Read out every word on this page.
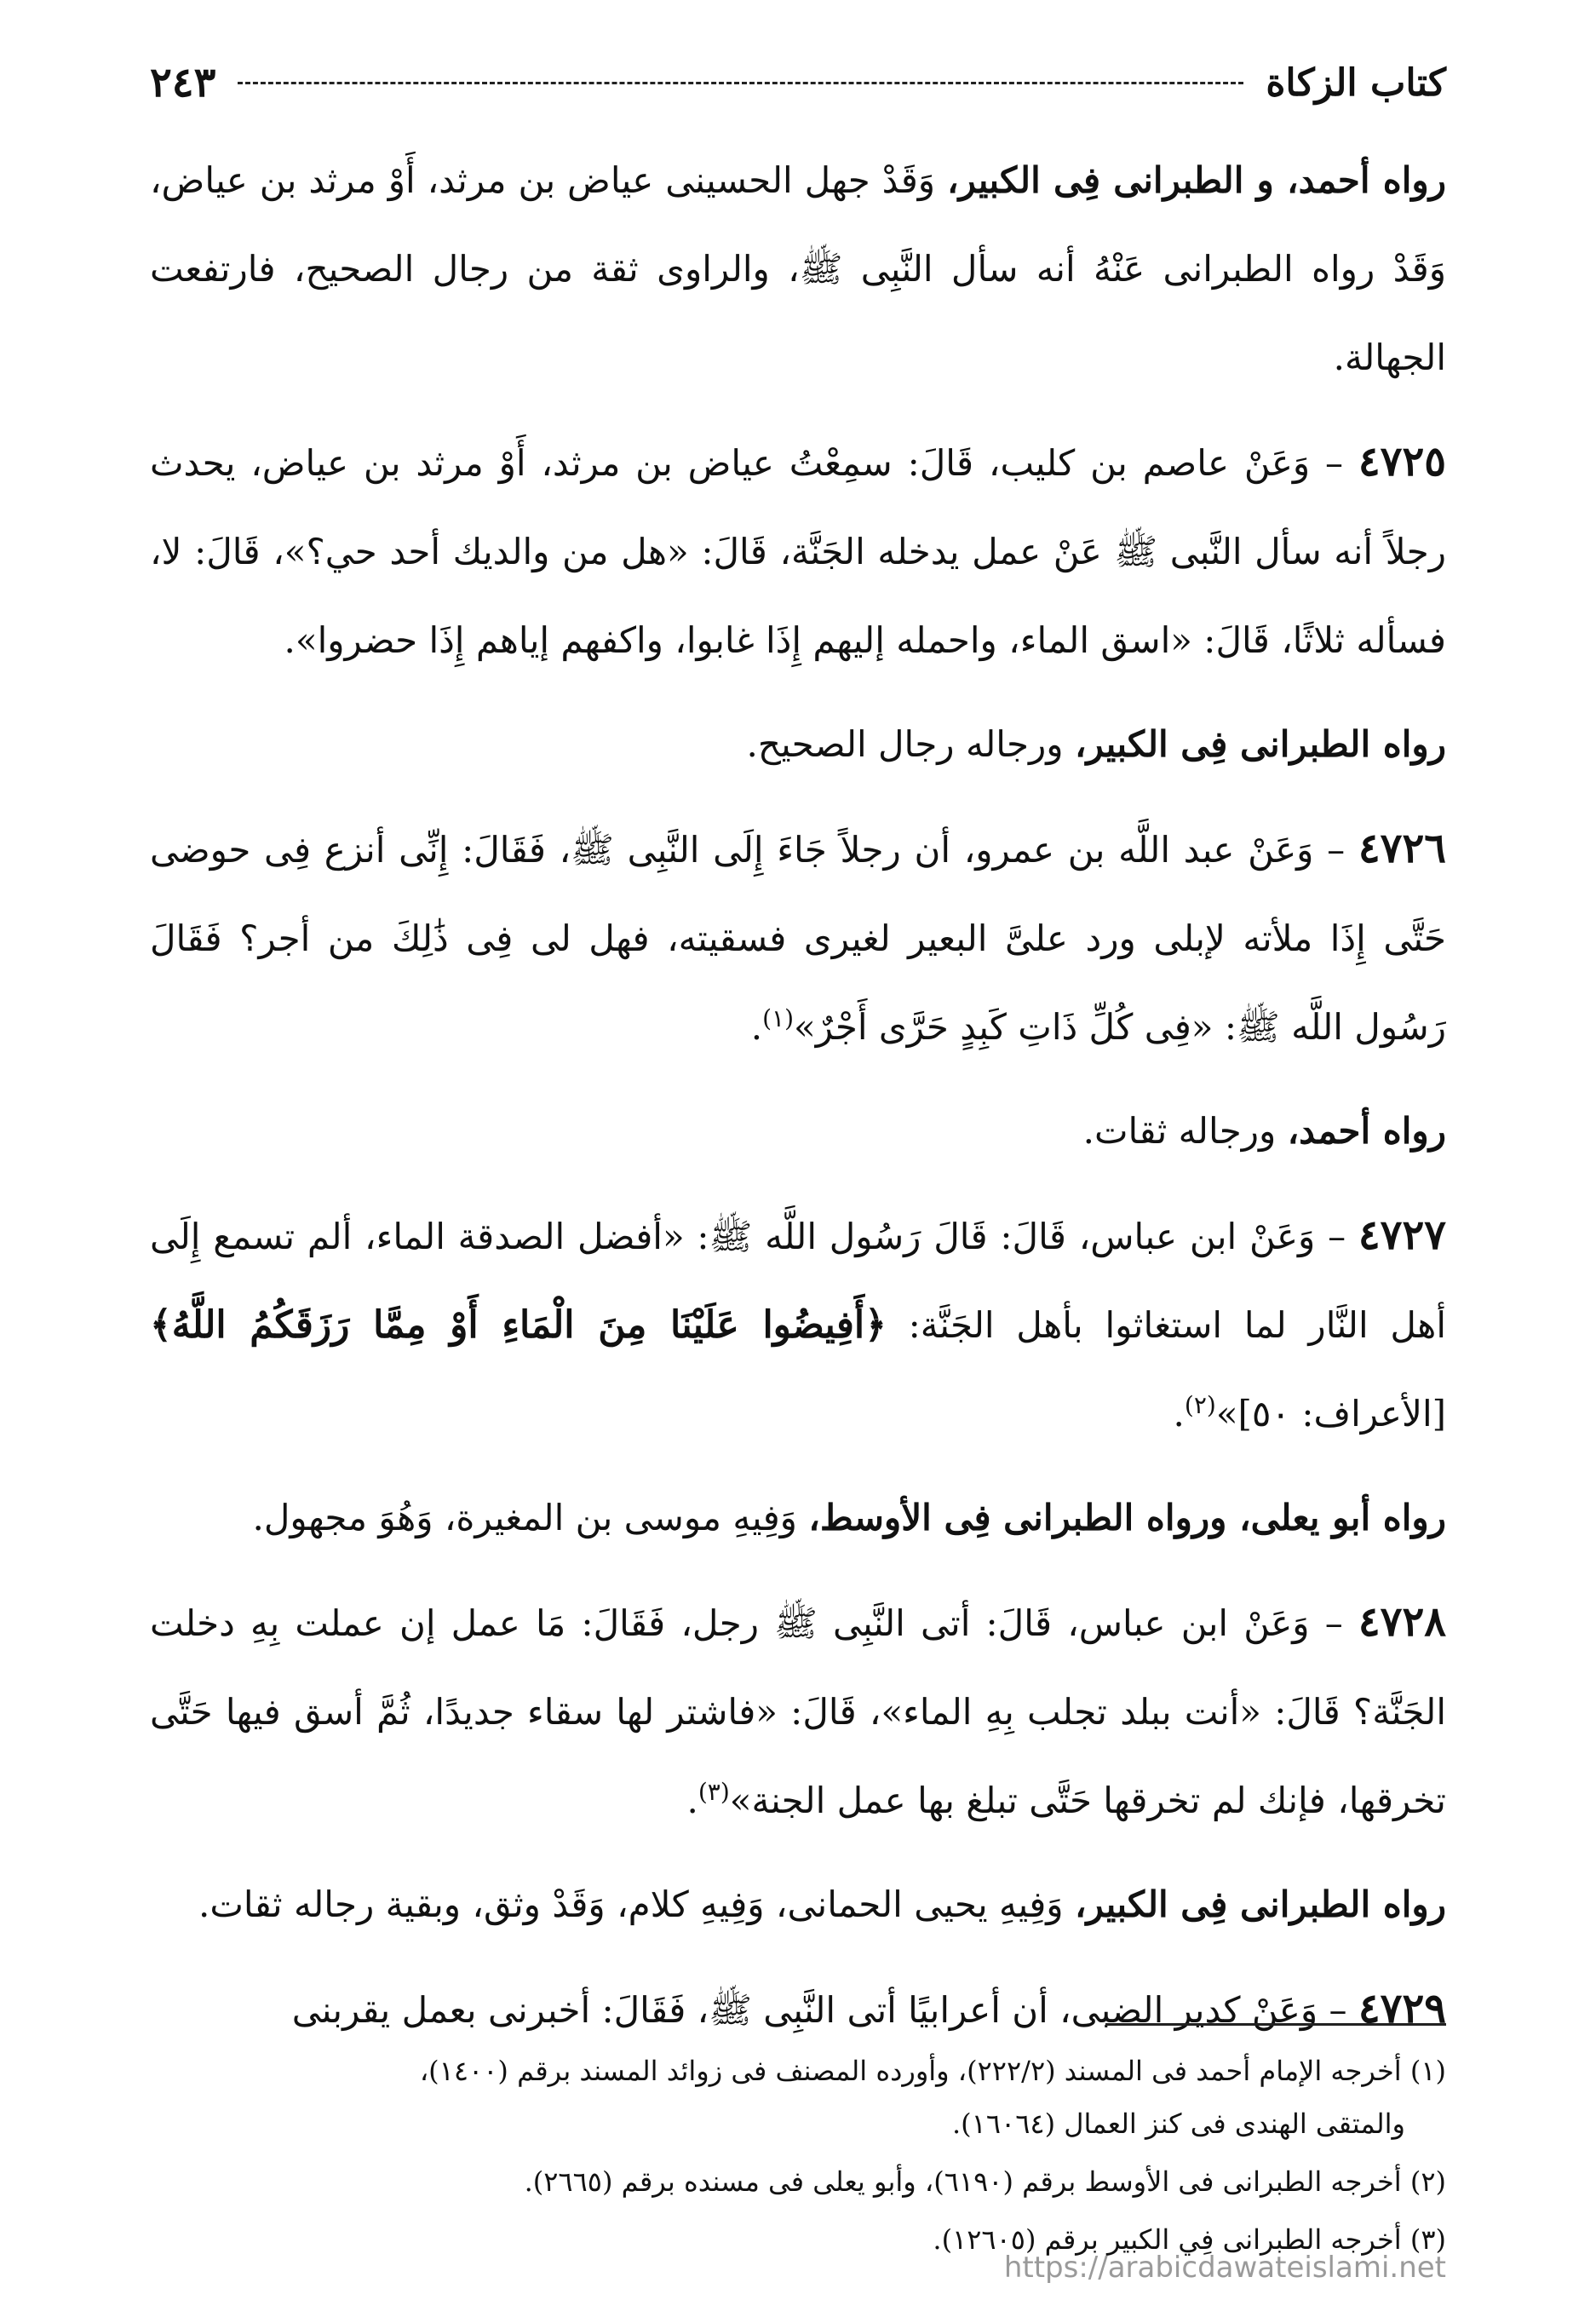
كتاب الزكاة
٢٤٣

رواه أحمد، و الطبرانى فِى الكبير، وَقَدْ جهل الحسينى عياض بن مرثد، أَوْ مرثد بن عياض، وَقَدْ رواه الطبرانى عَنْهُ أنه سأل النَّبِى ﷺ، والراوى ثقة من رجال الصحيح، فارتفعت الجهالة.

٤٧٢٥ – وَعَنْ عاصم بن كليب، قَالَ: سمِعْتُ عياض بن مرثد، أَوْ مرثد بن عياض، يحدث رجلاً أنه سأل النَّبى ﷺ عَنْ عمل يدخله الجَنَّة، قَالَ: «هل من والديك أحد حي؟»، قَالَ: لا، فسأله ثلاثًا، قَالَ: «اسق الماء، واحمله إليهم إِذَا غابوا، واكفهم إياهم إِذَا حضروا».

رواه الطبرانى فِى الكبير، ورجاله رجال الصحيح.

٤٧٢٦ – وَعَنْ عبد اللَّه بن عمرو، أن رجلاً جَاءَ إِلَى النَّبِى ﷺ، فَقَالَ: إِنِّى أنزع فِى حوضى حَتَّى إِذَا ملأته لإبلى ورد علىَّ البعير لغيرى فسقيته، فهل لى فِى ذَٰلِكَ من أجر؟ فَقَالَ رَسُول اللَّه ﷺ: «فِى كُلِّ ذَاتِ كَبِدٍ حَرَّى أَجْرٌ»$^{(١)}$.

رواه أحمد، ورجاله ثقات.

٤٧٢٧ – وَعَنْ ابن عباس، قَالَ: قَالَ رَسُول اللَّه ﷺ: «أفضل الصدقة الماء، ألم تسمع إِلَى أهل النَّار لما استغاثوا بأهل الجَنَّة: ﴿أَفِيضُوا عَلَيْنَا مِنَ الْمَاءِ أَوْ مِمَّا رَزَقَكُمُ اللَّهُ﴾ [الأعراف: ٥٠]»$^{(٢)}$.

رواه أبو يعلى، ورواه الطبرانى فِى الأوسط، وَفِيهِ موسى بن المغيرة، وَهُوَ مجهول.

٤٧٢٨ – وَعَنْ ابن عباس، قَالَ: أتى النَّبِى ﷺ رجل، فَقَالَ: مَا عمل إن عملت بِهِ دخلت الجَنَّة؟ قَالَ: «أنت ببلد تجلب بِهِ الماء»، قَالَ: «فاشتر لها سقاء جديدًا، ثُمَّ أسق فيها حَتَّى تخرقها، فإنك لم تخرقها حَتَّى تبلغ بها عمل الجنة»$^{(٣)}$.

رواه الطبرانى فِى الكبير، وَفِيهِ يحيى الحمانى، وَفِيهِ كلام، وَقَدْ وثق، وبقية رجاله ثقات.

٤٧٢٩ – وَعَنْ كدير الضبى، أن أعرابيًا أتى النَّبِى ﷺ، فَقَالَ: أخبرنى بعمل يقربنى

(١) أخرجه الإمام أحمد فى المسند (٢٢٢/٢)، وأورده المصنف فى زوائد المسند برقم (١٤٠٠)،
والمتقى الهندى فى كنز العمال (١٦٠٦٤).
(٢) أخرجه الطبرانى فى الأوسط برقم (٦١٩٠)، وأبو يعلى فى مسنده برقم (٢٦٦٥).
(٣) أخرجه الطبرانى فِي الكبير برقم (١٢٦٠٥).
https://arabicdawateislami.net
